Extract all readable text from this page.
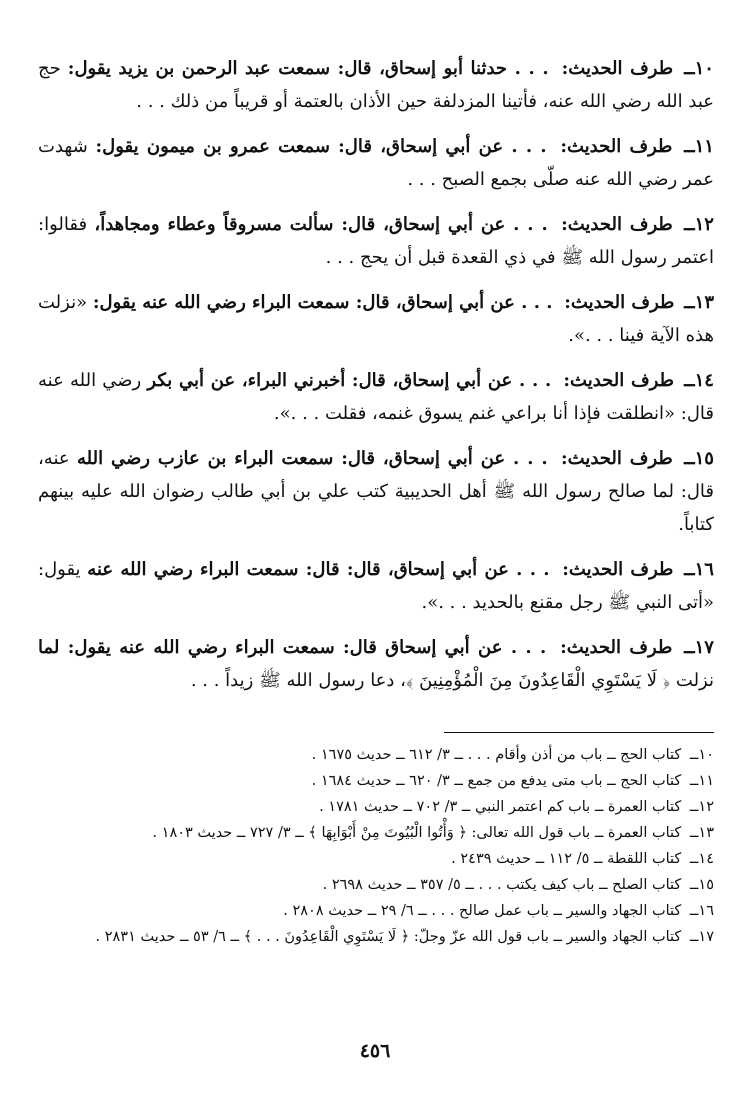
١٠ــ طرف الحديث: . . . حدثنا أبو إسحاق، قال: سمعت عبد الرحمن بن يزيد يقول: حج عبد الله رضي الله عنه، فأتينا المزدلفة حين الأذان بالعتمة أو قريباً من ذلك . . .
١١ــ طرف الحديث: . . . عن أبي إسحاق، قال: سمعت عمرو بن ميمون يقول: شهدت عمر رضي الله عنه صلّى بجمع الصبح . . .
١٢ــ طرف الحديث: . . . عن أبي إسحاق، قال: سألت مسروقاً وعطاء ومجاهداً، فقالوا: اعتمر رسول الله ﷺ في ذي القعدة قبل أن يحج . . .
١٣ــ طرف الحديث: . . . عن أبي إسحاق، قال: سمعت البراء رضي الله عنه يقول: «نزلت هذه الآية فينا . . .».
١٤ــ طرف الحديث: . . . عن أبي إسحاق، قال: أخبرني البراء، عن أبي بكر رضي الله عنه قال: «انطلقت فإذا أنا براعي غنم يسوق غنمه، فقلت . . .».
١٥ــ طرف الحديث: . . . عن أبي إسحاق، قال: سمعت البراء بن عازب رضي الله عنه، قال: لما صالح رسول الله ﷺ أهل الحديبية كتب علي بن أبي طالب رضوان الله عليه بينهم كتاباً.
١٦ــ طرف الحديث: . . . عن أبي إسحاق، قال: قال: سمعت البراء رضي الله عنه يقول: «أتى النبي ﷺ رجل مقنع بالحديد . . .».
١٧ــ طرف الحديث: . . . عن أبي إسحاق قال: سمعت البراء رضي الله عنه يقول: لما نزلت ﴿ لَا يَسْتَوِي الْقَاعِدُونَ مِنَ الْمُؤْمِنِينَ ﴾، دعا رسول الله ﷺ زيداً . . .
١٠ــ كتاب الحج ــ باب من أذن وأقام . . . ــ ٣/ ٦١٢ ــ حديث ١٦٧٥ .
١١ــ كتاب الحج ــ باب متى يدفع من جمع ــ ٣/ ٦٢٠ ــ حديث ١٦٨٤ .
١٢ــ كتاب العمرة ــ باب كم اعتمر النبي ــ ٣/ ٧٠٢ ــ حديث ١٧٨١ .
١٣ــ كتاب العمرة ــ باب قول الله تعالى: ﴿ وَأْتُوا الْبُيُوتَ مِنْ أَبْوَابِهَا ﴾ ــ ٣/ ٧٢٧ ــ حديث ١٨٠٣ .
١٤ــ كتاب اللقطة ــ ٥/ ١١٢ ــ حديث ٢٤٣٩ .
١٥ــ كتاب الصلح ــ باب كيف يكتب . . . ــ ٥/ ٣٥٧ ــ حديث ٢٦٩٨ .
١٦ــ كتاب الجهاد والسير ــ باب عمل صالح . . . ــ ٦/ ٢٩ ــ حديث ٢٨٠٨ .
١٧ــ كتاب الجهاد والسير ــ باب قول الله عزّ وجلّ: ﴿ لَا يَسْتَوِي الْقَاعِدُونَ . . . ﴾ ــ ٦/ ٥٣ ــ حديث ٢٨٣١ .
٤٥٦
